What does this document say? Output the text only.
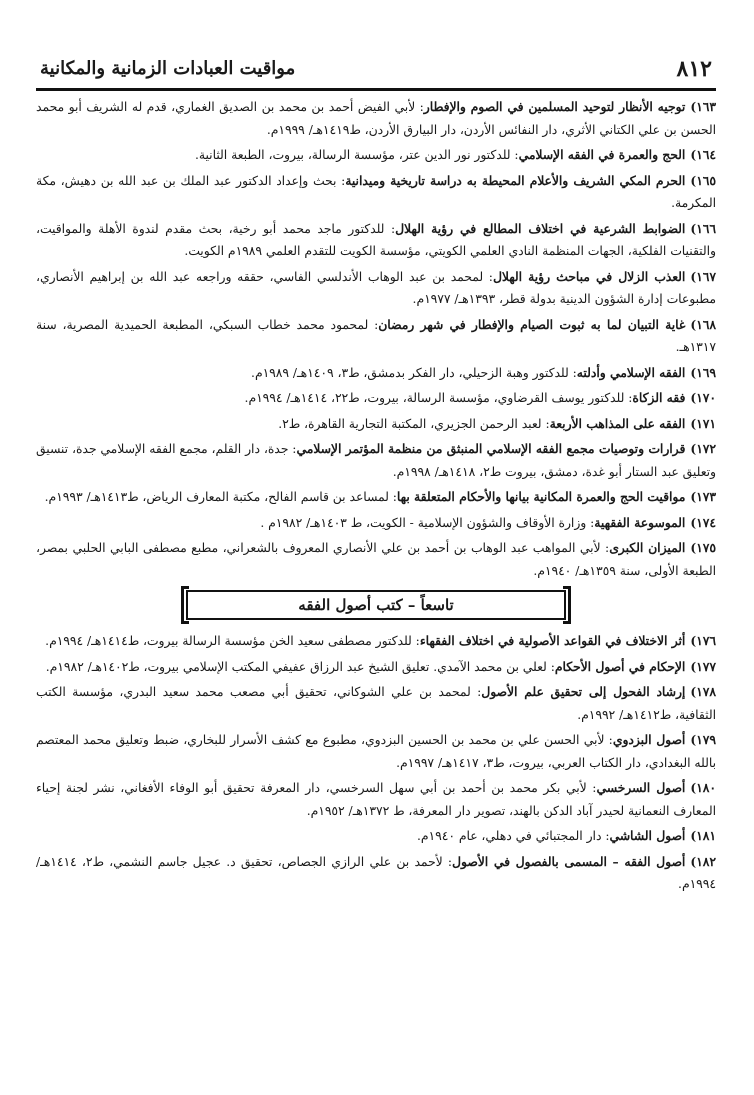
٨١٢
مواقيت العبادات الزمانية والمكانية

١٦٣)توجيه الأنظار لتوحيد المسلمين في الصوم والإفطار: لأبي الفيض أحمد بن محمد بن الصديق الغماري، قدم له الشريف أبو محمد الحسن بن علي الكتاني الأثري، دار النفائس الأردن، دار البيارق الأردن، ط١٤١٩هـ/ ١٩٩٩م.

١٦٤)الحج والعمرة في الفقه الإسلامي: للدكتور نور الدين عتر، مؤسسة الرسالة، بيروت، الطبعة الثانية.

١٦٥)الحرم المكي الشريف والأعلام المحيطة به دراسة تاريخية وميدانية: بحث وإعداد الدكتور عبد الملك بن عبد الله بن دهيش، مكة المكرمة.

١٦٦)الضوابط الشرعية في اختلاف المطالع في رؤية الهلال: للدكتور ماجد محمد أبو رخية، بحث مقدم لندوة الأهلة والمواقيت، والتقنيات الفلكية، الجهات المنظمة النادي العلمي الكويتي، مؤسسة الكويت للتقدم العلمي ١٩٨٩م الكويت.

١٦٧)العذب الزلال في مباحث رؤية الهلال: لمحمد بن عبد الوهاب الأندلسي الفاسي، حققه وراجعه عبد الله بن إبراهيم الأنصاري، مطبوعات إدارة الشؤون الدينية بدولة قطر، ١٣٩٣هـ/ ١٩٧٧م.

١٦٨)غاية التبيان لما به ثبوت الصيام والإفطار في شهر رمضان: لمحمود محمد خطاب السبكي، المطبعة الحميدية المصرية، سنة ١٣١٧هـ.

١٦٩)الفقه الإسلامي وأدلته: للدكتور وهبة الزحيلي، دار الفكر بدمشق، ط٣، ١٤٠٩هـ/ ١٩٨٩م.

١٧٠)فقه الزكاة: للدكتور يوسف القرضاوي، مؤسسة الرسالة، بيروت، ط٢٢، ١٤١٤هـ/ ١٩٩٤م.

١٧١)الفقه على المذاهب الأربعة: لعبد الرحمن الجزيري، المكتبة التجارية القاهرة، ط٢.

١٧٢)قرارات وتوصيات مجمع الفقه الإسلامي المنبثق من منظمة المؤتمر الإسلامي: جدة، دار القلم، مجمع الفقه الإسلامي جدة، تنسيق وتعليق عبد الستار أبو غدة، دمشق، بيروت ط٢، ١٤١٨هـ/ ١٩٩٨م.

١٧٣)مواقيت الحج والعمرة المكانية بيانها والأحكام المتعلقة بها: لمساعد بن قاسم الفالح، مكتبة المعارف الرياض، ط١٤١٣هـ/ ١٩٩٣م.

١٧٤)الموسوعة الفقهية: وزارة الأوقاف والشؤون الإسلامية - الكويت، ط ١٤٠٣هـ/ ١٩٨٢م .

١٧٥)الميزان الكبرى: لأبي المواهب عبد الوهاب بن أحمد بن علي الأنصاري المعروف بالشعراني، مطبع مصطفى البابي الحلبي بمصر، الطبعة الأولى، سنة ١٣٥٩هـ/ ١٩٤٠م.

تاسعاً – كتب أصول الفقه

١٧٦)أثر الاختلاف في القواعد الأصولية في اختلاف الفقهاء: للدكتور مصطفى سعيد الخن مؤسسة الرسالة بيروت، ط١٤١٤هـ/ ١٩٩٤م.

١٧٧)الإحكام في أصول الأحكام: لعلي بن محمد الآمدي. تعليق الشيخ عبد الرزاق عفيفي المكتب الإسلامي بيروت، ط١٤٠٢هـ/ ١٩٨٢م.

١٧٨)إرشاد الفحول إلى تحقيق علم الأصول: لمحمد بن علي الشوكاني، تحقيق أبي مصعب محمد سعيد البدري، مؤسسة الكتب الثقافية، ط١٤١٢هـ/ ١٩٩٢م.

١٧٩)أصول البزدوي: لأبي الحسن علي بن محمد بن الحسين البزدوي، مطبوع مع كشف الأسرار للبخاري، ضبط وتعليق محمد المعتصم بالله البغدادي، دار الكتاب العربي، بيروت، ط٣، ١٤١٧هـ/ ١٩٩٧م.

١٨٠)أصول السرخسي: لأبي بكر محمد بن أحمد بن أبي سهل السرخسي، دار المعرفة تحقيق أبو الوفاء الأفغاني، نشر لجنة إحياء المعارف النعمانية لحيدر آباد الدكن بالهند، تصوير دار المعرفة، ط ١٣٧٢هـ/ ١٩٥٢م.

١٨١)أصول الشاشي: دار المجتبائي في دهلي، عام ١٩٤٠م.

١٨٢)أصول الفقه – المسمى بالفصول في الأصول: لأحمد بن علي الرازي الجصاص، تحقيق د. عجيل جاسم النشمي، ط٢، ١٤١٤هـ/ ١٩٩٤م.
